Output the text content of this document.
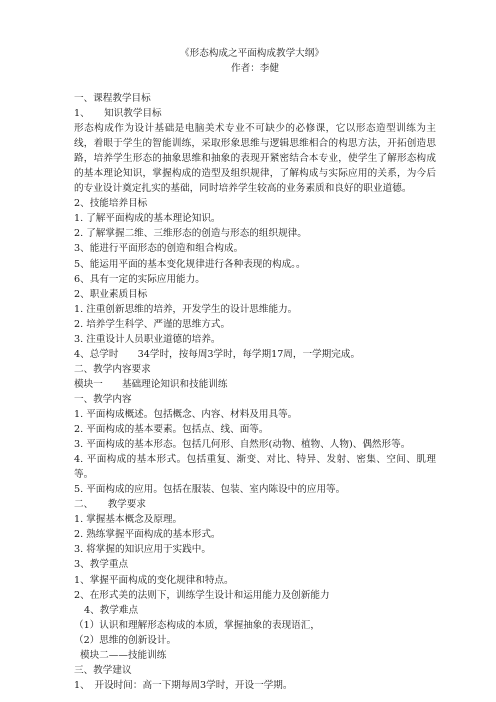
《形态构成之平面构成教学大纲》
作者：李健
一、课程教学目标
1、　　知识教学目标
形态构成作为设计基础是电脑美术专业不可缺少的必修课，它以形态造型训练为主线，着眼于学生的智能训练，采取形象思维与逻辑思维相合的构思方法，开拓创造思路，培养学生形态的抽象思维和抽象的表现开紧密结合本专业，使学生了解形态构成的基本理论知识，掌握构成的造型及组织规律，了解构成与实际应用的关系，为今后的专业设计奠定扎实的基础，同时培养学生较高的业务素质和良好的职业道德。
2、技能培养目标
1. 了解平面构成的基本理论知识。
2. 了解掌握二维、三维形态的创造与形态的组织规律。
3、能进行平面形态的创造和组合构成。
5、能运用平面的基本变化规律进行各种表现的构成。。
6、具有一定的实际应用能力。
2、职业素质目标
1. 注重创新思维的培养，开发学生的设计思维能力。
2. 培养学生科学、严谨的思维方式。
3. 注重设计人员职业道德的培养。
4、总学时　　34学时，按每周3学时，每学期17周，一学期完成。
二、教学内容要求
模块一　　基础理论知识和技能训练
一、教学内容
1. 平面构成概述。包括概念、内容、材料及用具等。
2. 平面构成的基本要素。包括点、线、面等。
3. 平面构成的基本形态。包括几何形、自然形(动物、植物、人物)、偶然形等。
4. 平面构成的基本形式。包括重复、渐变、对比、特异、发射、密集、空间、肌理等。
5. 平面构成的应用。包括在服装、包装、室内陈设中的应用等。
二、　　教学要求
1. 掌握基本概念及原理。
2. 熟练掌握平面构成的基本形式。
3. 将掌握的知识应用于实践中。
3、教学重点
1、掌握平面构成的变化规律和特点。
2、在形式美的法则下，训练学生设计和运用能力及创新能力
4、教学难点
（1）认识和理解形态构成的本质，掌握抽象的表现语汇，
（2）思维的创新设计。
模块二——技能训练
三、教学建议
1、　开设时间：高一下期每周3学时，开设一学期。
